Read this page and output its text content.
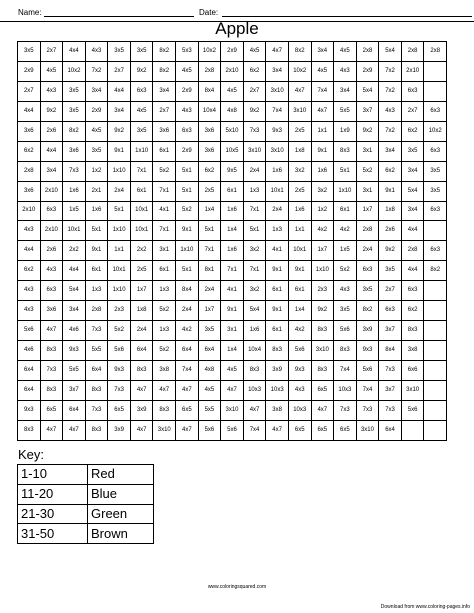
Name:	Date:
Apple
3x5	2x7	4x4	4x3	3x5	3x5	8x2	5x3	10x2	2x9	4x5	4x7	8x2	3x4	4x5	2x8	5x4	2x8	2x8
2x9	4x5	10x2	7x2	2x7	9x2	8x2	4x5	2x8	2x10	6x2	3x4	10x2	4x5	4x3	2x9	7x2	2x10	
2x7	4x3	3x5	3x4	4x4	6x3	3x4	2x9	8x4	4x5	2x7	3x10	4x7	7x4	3x4	5x4	7x2	6x3	
4x4	9x2	3x5	2x9	3x4	4x5	2x7	4x3	10x4	4x8	9x2	7x4	3x10	4x7	5x5	3x7	4x3	2x7	6x3
3x6	2x6	8x2	4x5	9x2	3x5	3x6	6x3	3x6	5x10	7x3	9x3	2x5	1x1	1x9	9x2	7x2	6x2	10x2
6x2	4x4	3x6	3x5	9x1	1x10	6x1	2x9	3x6	10x5	3x10	3x10	1x8	9x1	8x3	3x1	3x4	3x5	6x3
2x8	3x4	7x3	1x2	1x10	7x1	5x2	5x1	6x2	9x5	2x4	1x6	3x2	1x6	5x1	5x2	6x2	3x4	3x5
3x6	2x10	1x6	2x1	2x4	6x1	7x1	5x1	2x5	6x1	1x3	10x1	2x5	3x2	1x10	3x1	9x1	5x4	3x5
2x10	6x3	1x5	1x6	5x1	10x1	4x1	5x2	1x4	1x6	7x1	2x4	1x6	1x2	6x1	1x7	1x8	3x4	6x3
4x3	2x10	10x1	5x1	1x10	10x1	7x1	9x1	5x1	1x4	5x1	1x3	1x1	4x2	4x2	2x8	2x6	4x4	
4x4	2x6	2x2	9x1	1x1	2x2	3x1	1x10	7x1	1x6	3x2	4x1	10x1	1x7	1x5	2x4	9x2	2x8	6x3
6x2	4x3	4x4	6x1	10x1	2x5	6x1	5x1	8x1	7x1	7x1	9x1	9x1	1x10	5x2	6x3	3x5	4x4	8x2
4x3	6x3	5x4	1x3	1x10	1x7	1x3	8x4	2x4	4x1	3x2	6x1	6x1	2x3	4x3	3x5	2x7	6x3	
4x3	3x6	3x4	2x8	2x3	1x8	5x2	2x4	1x7	9x1	5x4	9x1	1x4	9x2	3x5	8x2	6x3	6x2	
5x6	4x7	4x6	7x3	5x2	2x4	1x3	4x2	3x5	3x1	1x6	6x1	4x2	8x3	5x6	3x9	3x7	8x3	
4x6	8x3	9x3	5x5	5x6	6x4	5x2	6x4	6x4	1x4	10x4	8x3	5x6	3x10	8x3	9x3	8x4	3x8	
6x4	7x3	5x5	6x4	9x3	8x3	3x8	7x4	4x8	4x5	8x3	3x9	9x3	8x3	7x4	5x6	7x3	6x6	
6x4	8x3	3x7	8x3	7x3	4x7	4x7	4x7	4x5	4x7	10x3	10x3	4x3	6x5	10x3	7x4	3x7	3x10	
9x3	6x5	6x4	7x3	6x5	3x9	8x3	6x5	5x5	3x10	4x7	3x8	10x3	4x7	7x3	7x3	7x3	5x6	
8x3	4x7	4x7	8x3	3x9	4x7	3x10	4x7	5x6	5x6	7x4	4x7	6x5	6x5	6x5	3x10	6x4		
Key:
1-10	Red
11-20	Blue
21-30	Green
31-50	Brown
www.coloringsquared.com
Download from www.coloring-pages.info
